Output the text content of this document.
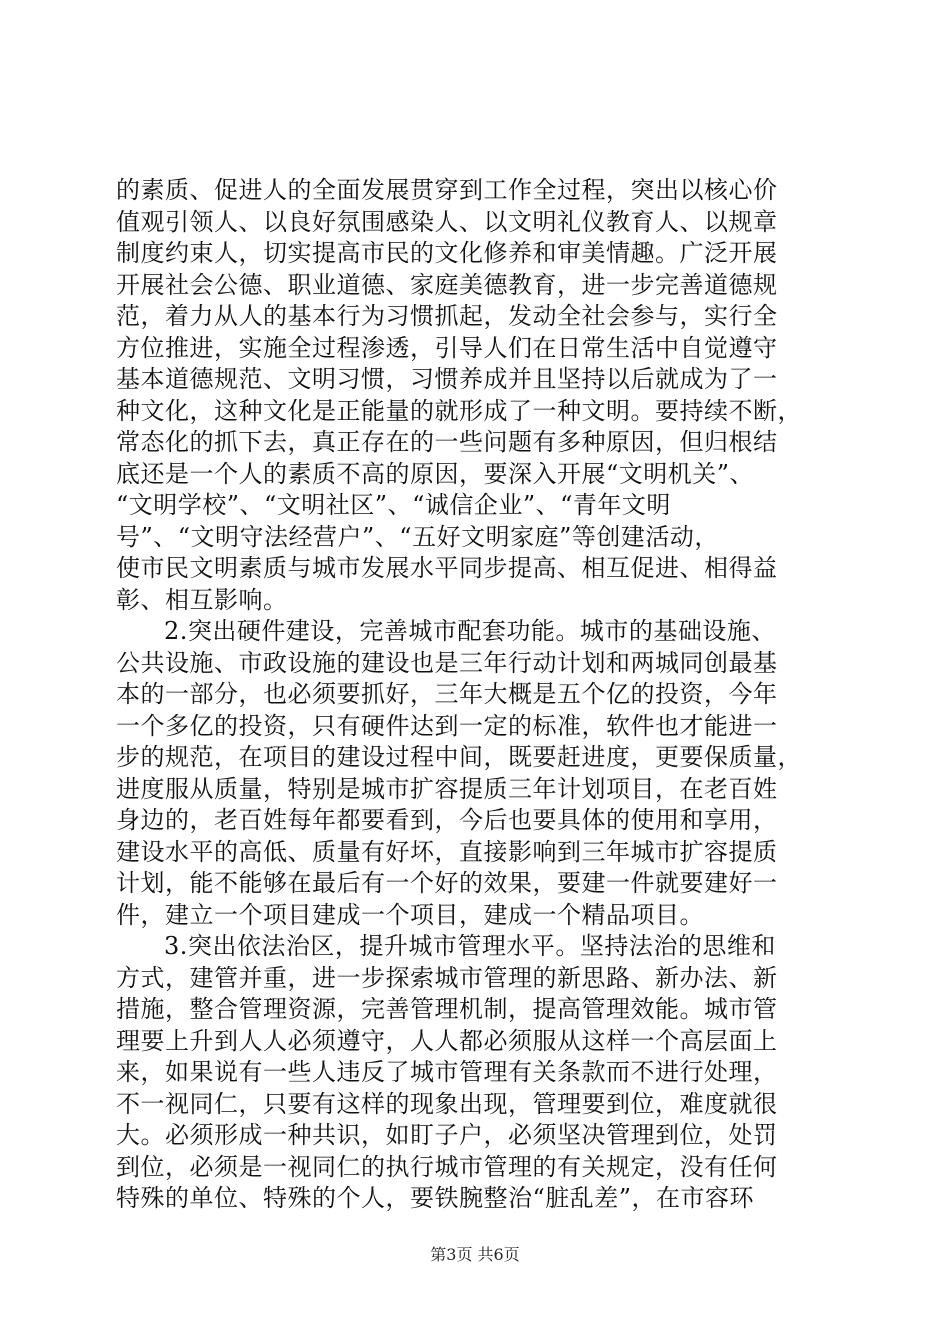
的素质、促进人的全面发展贯穿到工作全过程，突出以核心价
值观引领人、以良好氛围感染人、以文明礼仪教育人、以规章
制度约束人，切实提高市民的文化修养和审美情趣。广泛开展
开展社会公德、职业道德、家庭美德教育，进一步完善道德规
范，着力从人的基本行为习惯抓起，发动全社会参与，实行全
方位推进，实施全过程渗透，引导人们在日常生活中自觉遵守
基本道德规范、文明习惯，习惯养成并且坚持以后就成为了一
种文化，这种文化是正能量的就形成了一种文明。要持续不断，
常态化的抓下去，真正存在的一些问题有多种原因，但归根结
底还是一个人的素质不高的原因，要深入开展“文明机关”、
“文明学校”、“文明社区”、“诚信企业”、“青年文明
号”、“文明守法经营户”、“五好文明家庭”等创建活动，
使市民文明素质与城市发展水平同步提高、相互促进、相得益
彰、相互影响。
2.突出硬件建设，完善城市配套功能。城市的基础设施、
公共设施、市政设施的建设也是三年行动计划和两城同创最基
本的一部分，也必须要抓好，三年大概是五个亿的投资，今年
一个多亿的投资，只有硬件达到一定的标准，软件也才能进一
步的规范，在项目的建设过程中间，既要赶进度，更要保质量，
进度服从质量，特别是城市扩容提质三年计划项目，在老百姓
身边的，老百姓每年都要看到，今后也要具体的使用和享用，
建设水平的高低、质量有好坏，直接影响到三年城市扩容提质
计划，能不能够在最后有一个好的效果，要建一件就要建好一
件，建立一个项目建成一个项目，建成一个精品项目。
3.突出依法治区，提升城市管理水平。坚持法治的思维和
方式，建管并重，进一步探索城市管理的新思路、新办法、新
措施，整合管理资源，完善管理机制，提高管理效能。城市管
理要上升到人人必须遵守，人人都必须服从这样一个高层面上
来，如果说有一些人违反了城市管理有关条款而不进行处理，
不一视同仁，只要有这样的现象出现，管理要到位，难度就很
大。必须形成一种共识，如盯子户，必须坚决管理到位，处罚
到位，必须是一视同仁的执行城市管理的有关规定，没有任何
特殊的单位、特殊的个人，要铁腕整治“脏乱差”，在市容环
第3页 共6页
